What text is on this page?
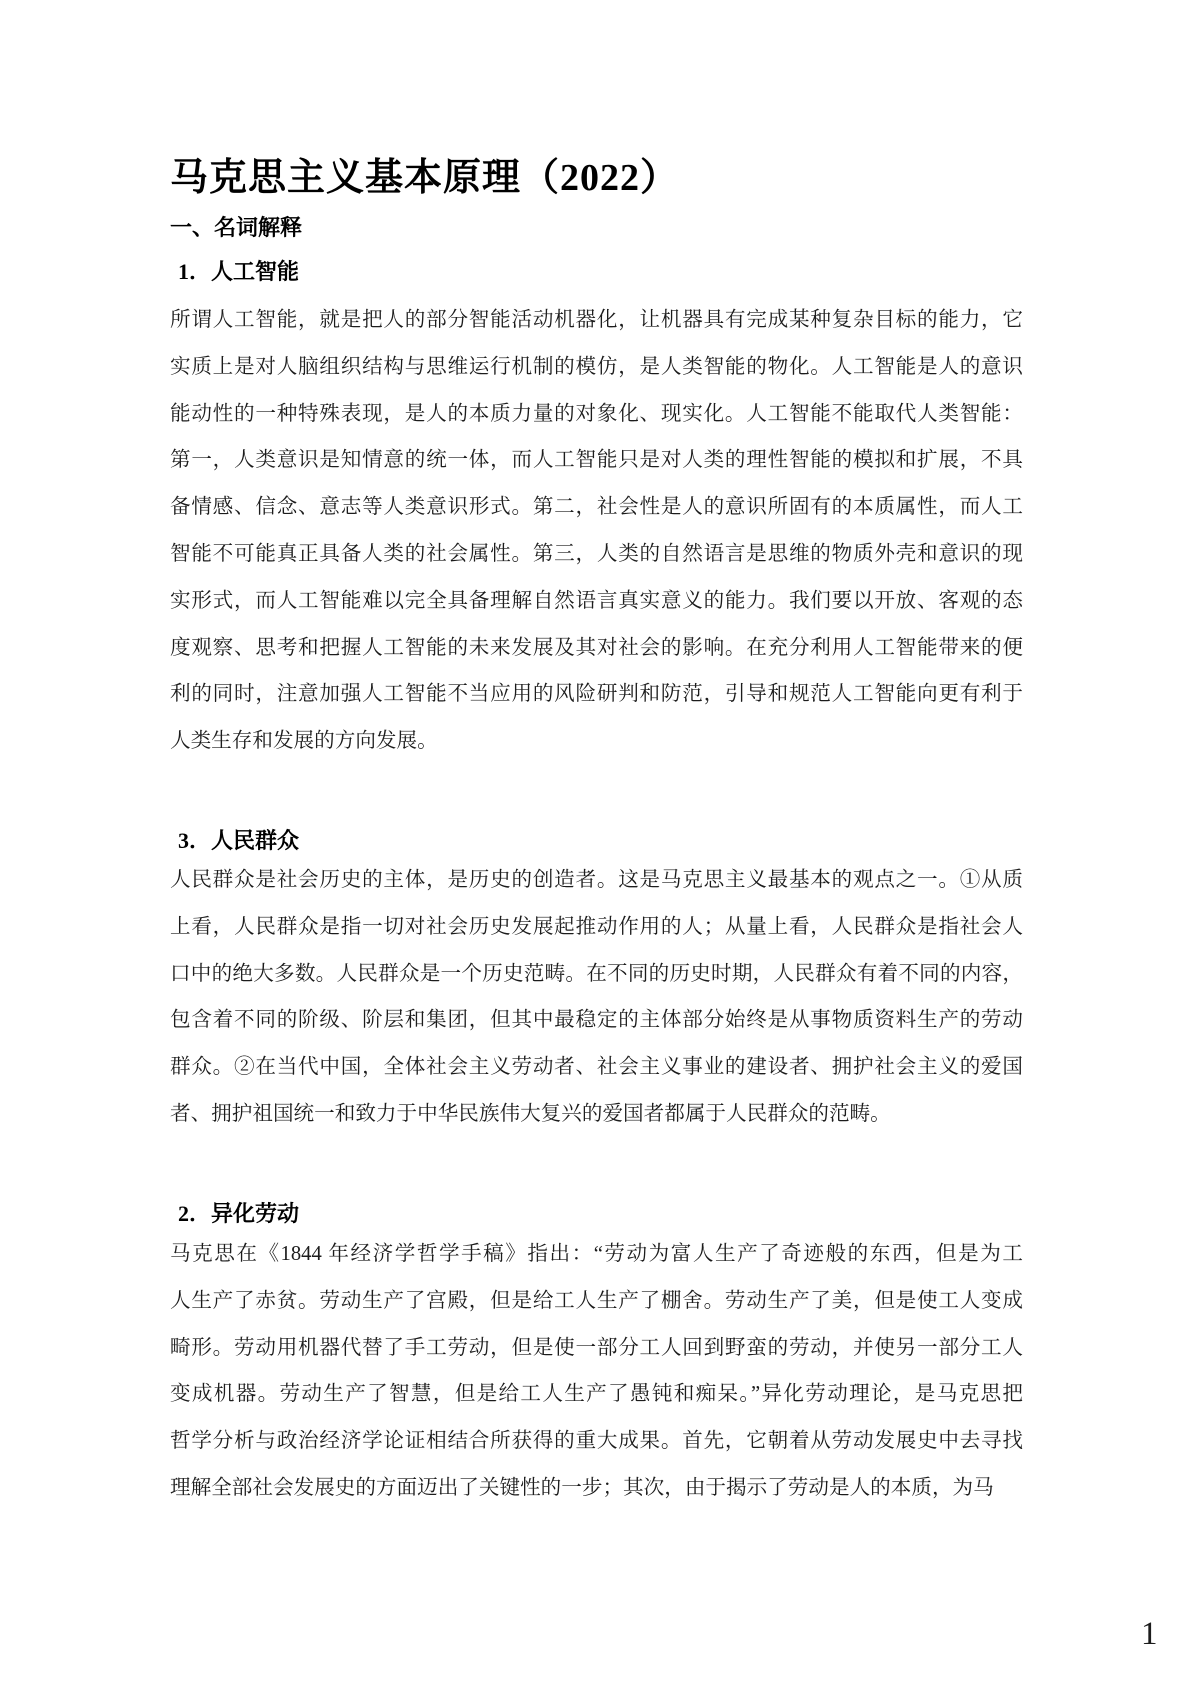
马克思主义基本原理（2022）
一、名词解释
1．人工智能
所谓人工智能，就是把人的部分智能活动机器化，让机器具有完成某种复杂目标的能力，它
实质上是对人脑组织结构与思维运行机制的模仿，是人类智能的物化。人工智能是人的意识
能动性的一种特殊表现，是人的本质力量的对象化、现实化。人工智能不能取代人类智能：
第一，人类意识是知情意的统一体，而人工智能只是对人类的理性智能的模拟和扩展，不具
备情感、信念、意志等人类意识形式。第二，社会性是人的意识所固有的本质属性，而人工
智能不可能真正具备人类的社会属性。第三，人类的自然语言是思维的物质外壳和意识的现
实形式，而人工智能难以完全具备理解自然语言真实意义的能力。我们要以开放、客观的态
度观察、思考和把握人工智能的未来发展及其对社会的影响。在充分利用人工智能带来的便
利的同时，注意加强人工智能不当应用的风险研判和防范，引导和规范人工智能向更有利于
人类生存和发展的方向发展。
3．人民群众
人民群众是社会历史的主体，是历史的创造者。这是马克思主义最基本的观点之一。①从质
上看，人民群众是指一切对社会历史发展起推动作用的人；从量上看，人民群众是指社会人
口中的绝大多数。人民群众是一个历史范畴。在不同的历史时期，人民群众有着不同的内容，
包含着不同的阶级、阶层和集团，但其中最稳定的主体部分始终是从事物质资料生产的劳动
群众。②在当代中国，全体社会主义劳动者、社会主义事业的建设者、拥护社会主义的爱国
者、拥护祖国统一和致力于中华民族伟大复兴的爱国者都属于人民群众的范畴。
2．异化劳动
马克思在《1844 年经济学哲学手稿》指出：“劳动为富人生产了奇迹般的东西，但是为工
人生产了赤贫。劳动生产了宫殿，但是给工人生产了棚舍。劳动生产了美，但是使工人变成
畸形。劳动用机器代替了手工劳动，但是使一部分工人回到野蛮的劳动，并使另一部分工人
变成机器。劳动生产了智慧，但是给工人生产了愚钝和痴呆。”异化劳动理论，是马克思把
哲学分析与政治经济学论证相结合所获得的重大成果。首先，它朝着从劳动发展史中去寻找
理解全部社会发展史的方面迈出了关键性的一步；其次，由于揭示了劳动是人的本质，为马
1
